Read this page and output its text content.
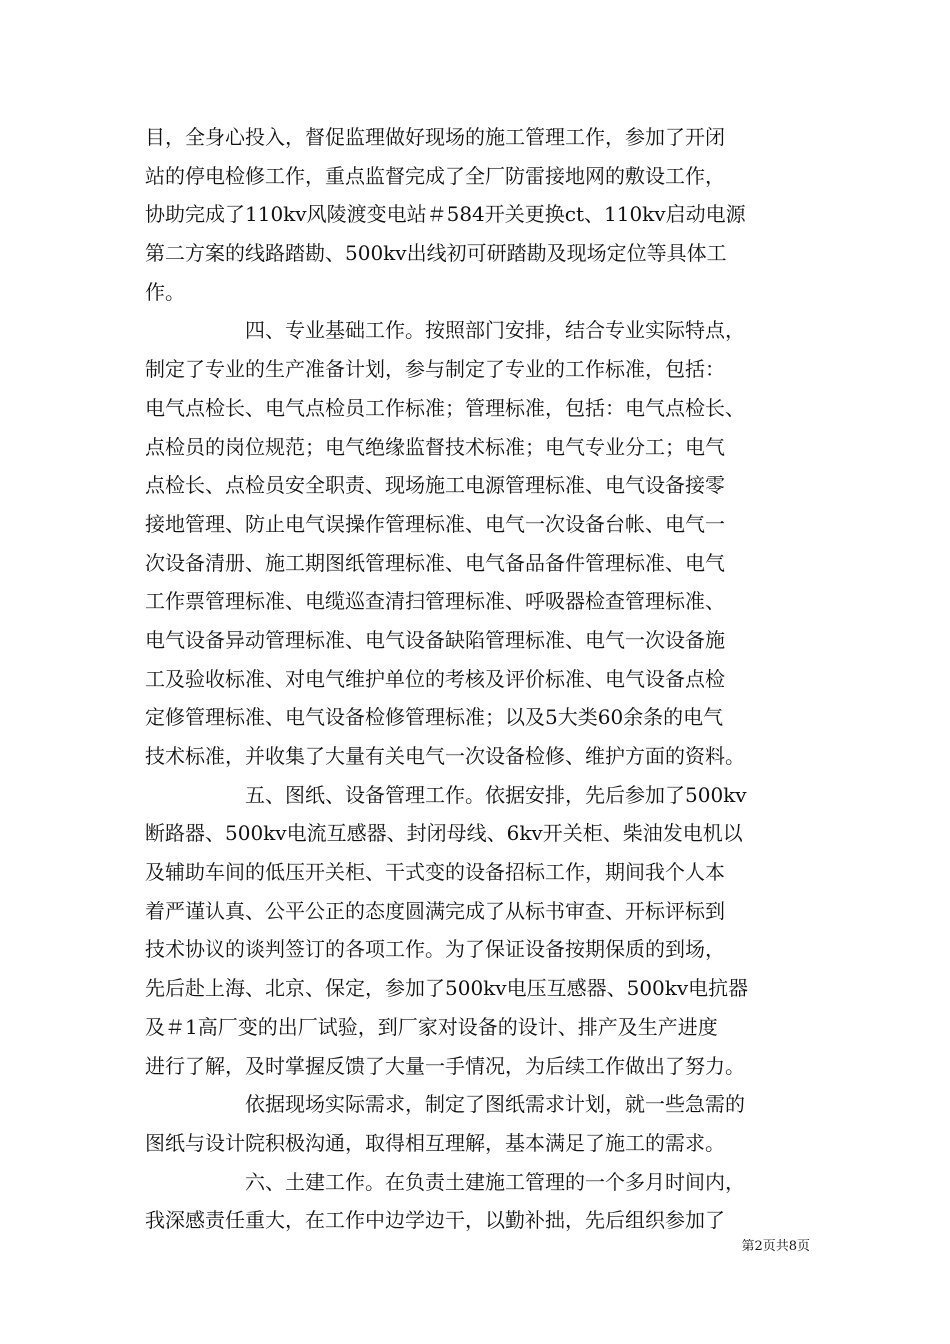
目，全身心投入，督促监理做好现场的施工管理工作，参加了开闭
站的停电检修工作，重点监督完成了全厂防雷接地网的敷设工作，
协助完成了110kv风陵渡变电站＃584开关更换ct、110kv启动电源
第二方案的线路踏勘、500kv出线初可研踏勘及现场定位等具体工
作。
四、专业基础工作。按照部门安排，结合专业实际特点，
制定了专业的生产准备计划，参与制定了专业的工作标准，包括：
电气点检长、电气点检员工作标准；管理标准，包括：电气点检长、
点检员的岗位规范；电气绝缘监督技术标准；电气专业分工；电气
点检长、点检员安全职责、现场施工电源管理标准、电气设备接零
接地管理、防止电气误操作管理标准、电气一次设备台帐、电气一
次设备清册、施工期图纸管理标准、电气备品备件管理标准、电气
工作票管理标准、电缆巡查清扫管理标准、呼吸器检查管理标准、
电气设备异动管理标准、电气设备缺陷管理标准、电气一次设备施
工及验收标准、对电气维护单位的考核及评价标准、电气设备点检
定修管理标准、电气设备检修管理标准；以及5大类60余条的电气
技术标准，并收集了大量有关电气一次设备检修、维护方面的资料。
五、图纸、设备管理工作。依据安排，先后参加了500kv
断路器、500kv电流互感器、封闭母线、6kv开关柜、柴油发电机以
及辅助车间的低压开关柜、干式变的设备招标工作，期间我个人本
着严谨认真、公平公正的态度圆满完成了从标书审查、开标评标到
技术协议的谈判签订的各项工作。为了保证设备按期保质的到场，
先后赴上海、北京、保定，参加了500kv电压互感器、500kv电抗器
及＃1高厂变的出厂试验，到厂家对设备的设计、排产及生产进度
进行了解，及时掌握反馈了大量一手情况，为后续工作做出了努力。
依据现场实际需求，制定了图纸需求计划，就一些急需的
图纸与设计院积极沟通，取得相互理解，基本满足了施工的需求。
六、土建工作。在负责土建施工管理的一个多月时间内，
我深感责任重大，在工作中边学边干，以勤补拙，先后组织参加了
第2页共8页
